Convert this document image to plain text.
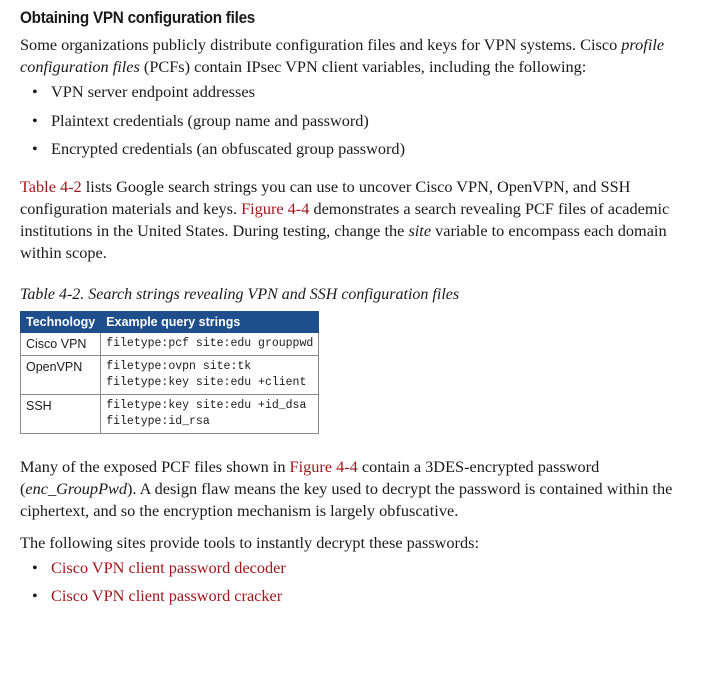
Obtaining VPN configuration files

Some organizations publicly distribute configuration files and keys for VPN systems. Cisco profile configuration files (PCFs) contain IPsec VPN client variables, including the following:

• VPN server endpoint addresses
• Plaintext credentials (group name and password)
• Encrypted credentials (an obfuscated group password)

Table 4-2 lists Google search strings you can use to uncover Cisco VPN, OpenVPN, and SSH configuration materials and keys. Figure 4-4 demonstrates a search revealing PCF files of academic institutions in the United States. During testing, change the site variable to encompass each domain within scope.

Table 4-2. Search strings revealing VPN and SSH configuration files
Technology	Example query strings
Cisco VPN	filetype:pcf site:edu grouppwd

OpenVPN	filetype:ovpn site:tk
filetype:key site:edu +client

SSH	filetype:key site:edu +id_dsa
filetype:id_rsa

Many of the exposed PCF files shown in Figure 4-4 contain a 3DES-encrypted password (enc_GroupPwd). A design flaw means the key used to decrypt the password is contained within the ciphertext, and so the encryption mechanism is largely obfuscative.

The following sites provide tools to instantly decrypt these passwords:

• Cisco VPN client password decoder
• Cisco VPN client password cracker
